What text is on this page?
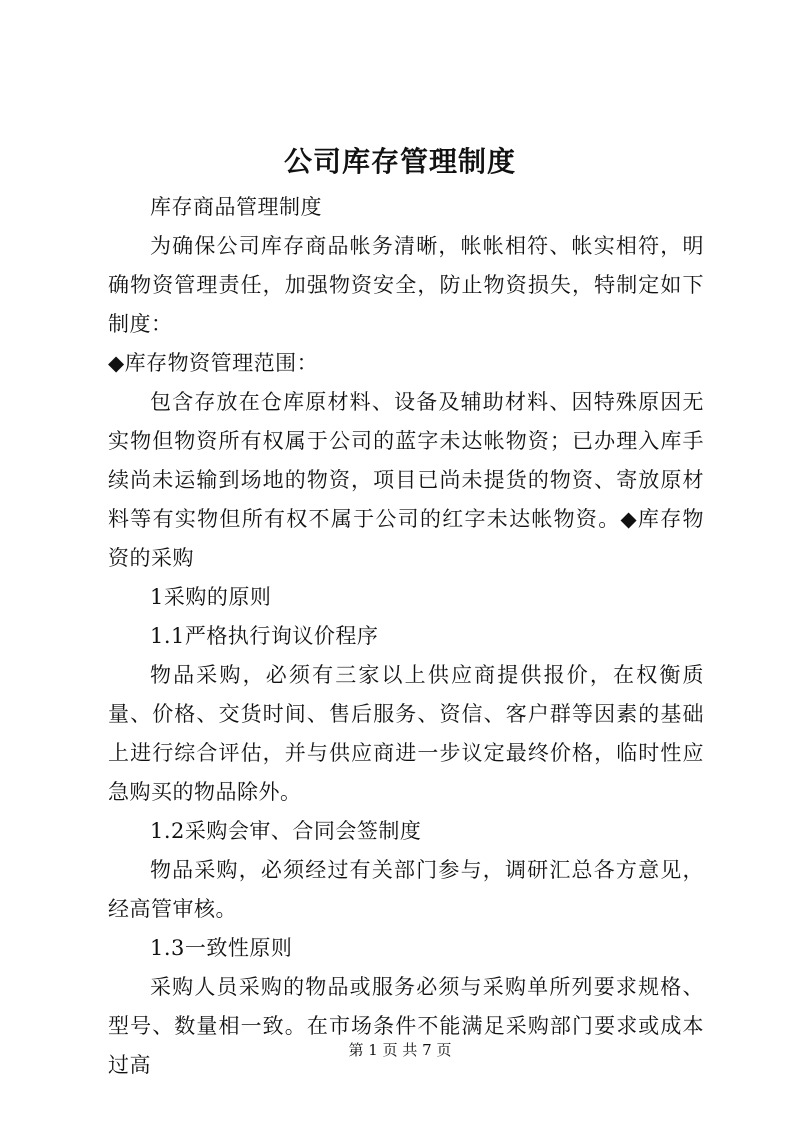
公司库存管理制度

库存商品管理制度

为确保公司库存商品帐务清晰，帐帐相符、帐实相符，明确物资管理责任，加强物资安全，防止物资损失，特制定如下制度：

◆库存物资管理范围：

包含存放在仓库原材料、设备及辅助材料、因特殊原因无实物但物资所有权属于公司的蓝字未达帐物资；已办理入库手续尚未运输到场地的物资，项目已尚未提货的物资、寄放原材料等有实物但所有权不属于公司的红字未达帐物资。◆库存物资的采购

1采购的原则

1.1严格执行询议价程序

物品采购，必须有三家以上供应商提供报价，在权衡质量、价格、交货时间、售后服务、资信、客户群等因素的基础上进行综合评估，并与供应商进一步议定最终价格，临时性应急购买的物品除外。

1.2采购会审、合同会签制度

物品采购，必须经过有关部门参与，调研汇总各方意见，经高管审核。

1.3一致性原则

采购人员采购的物品或服务必须与采购单所列要求规格、型号、数量相一致。在市场条件不能满足采购部门要求或成本过高

第 1 页 共 7 页
